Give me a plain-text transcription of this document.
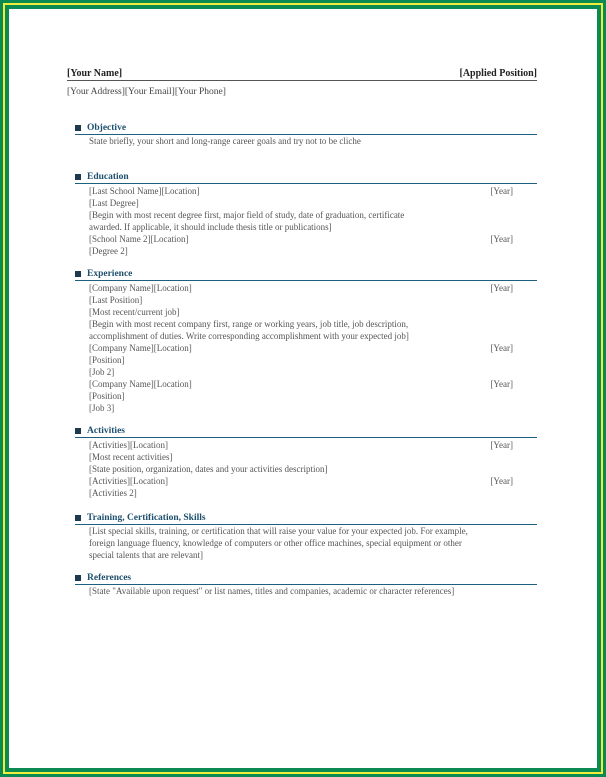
[Your Name]	[Applied Position]
[Your Address][Your Email][Your Phone]
Objective
State briefly, your short and long-range career goals and try not to be cliche
Education
[Last School Name][Location]	[Year]
[Last Degree]
[Begin with most recent degree first, major field of study, date of graduation, certificate
awarded. If applicable, it should include thesis title or publications]
[School Name 2][Location]	[Year]
[Degree 2]
Experience
[Company Name][Location]	[Year]
[Last Position]
[Most recent/current job]
[Begin with most recent company first, range or working years, job title, job description,
accomplishment of duties. Write corresponding accomplishment with your expected job]
[Company Name][Location]	[Year]
[Position]
[Job 2]
[Company Name][Location]	[Year]
[Position]
[Job 3]
Activities
[Activities][Location]	[Year]
[Most recent activities]
[State position, organization, dates and your activities description]
[Activities][Location]	[Year]
[Activities 2]
Training, Certification, Skills
[List special skills, training, or certification that will raise your value for your expected job. For example,
foreign language fluency, knowledge of computers or other office machines, special equipment or other
special talents that are relevant]
References
[State "Available upon request" or list names, titles and companies, academic or character references]
